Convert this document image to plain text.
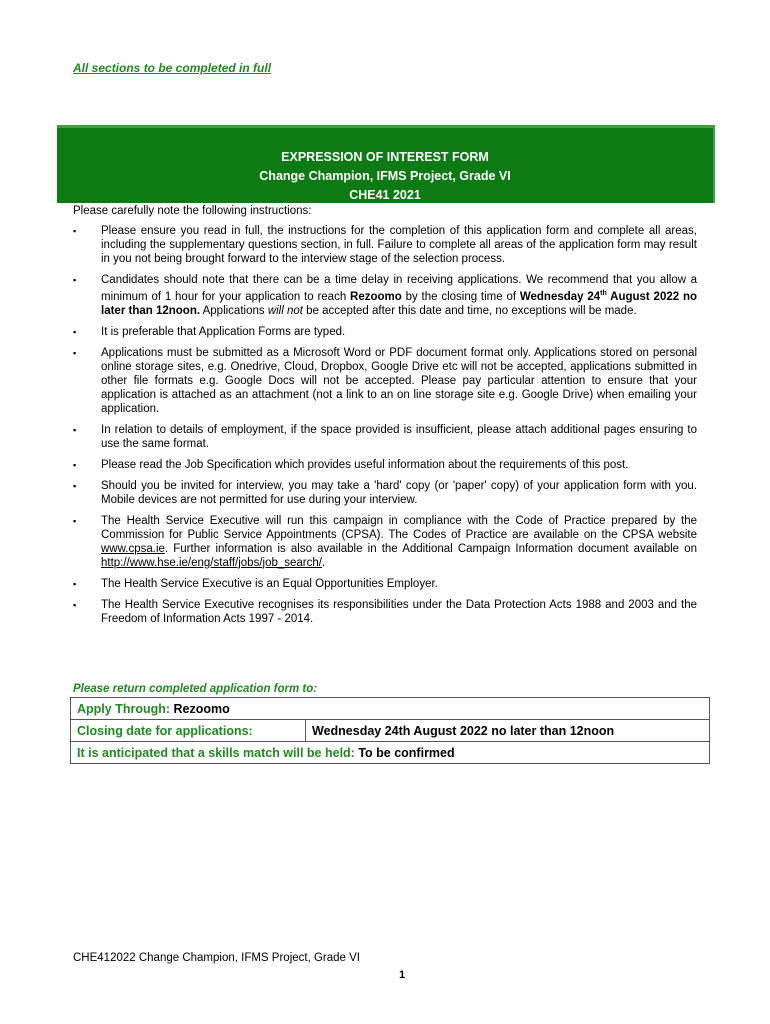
All sections to be completed in full
EXPRESSION OF INTEREST FORM
Change Champion, IFMS Project, Grade VI
CHE41 2021
Please carefully note the following instructions:
▪ Please ensure you read in full, the instructions for the completion of this application form and complete all areas, including the supplementary questions section, in full. Failure to complete all areas of the application form may result in you not being brought forward to the interview stage of the selection process.
▪ Candidates should note that there can be a time delay in receiving applications. We recommend that you allow a minimum of 1 hour for your application to reach Rezoomo by the closing time of Wednesday 24th August 2022 no later than 12noon. Applications will not be accepted after this date and time, no exceptions will be made.
▪ It is preferable that Application Forms are typed.
▪ Applications must be submitted as a Microsoft Word or PDF document format only. Applications stored on personal online storage sites, e.g. Onedrive, Cloud, Dropbox, Google Drive etc will not be accepted, applications submitted in other file formats e.g. Google Docs will not be accepted. Please pay particular attention to ensure that your application is attached as an attachment (not a link to an on line storage site e.g. Google Drive) when emailing your application.
▪ In relation to details of employment, if the space provided is insufficient, please attach additional pages ensuring to use the same format.
▪ Please read the Job Specification which provides useful information about the requirements of this post.
▪ Should you be invited for interview, you may take a 'hard' copy (or 'paper' copy) of your application form with you. Mobile devices are not permitted for use during your interview.
▪ The Health Service Executive will run this campaign in compliance with the Code of Practice prepared by the Commission for Public Service Appointments (CPSA). The Codes of Practice are available on the CPSA website www.cpsa.ie. Further information is also available in the Additional Campaign Information document available on http://www.hse.ie/eng/staff/jobs/job_search/.
▪ The Health Service Executive is an Equal Opportunities Employer.
▪ The Health Service Executive recognises its responsibilities under the Data Protection Acts 1988 and 2003 and the Freedom of Information Acts 1997 - 2014.
Please return completed application form to:
Apply Through: Rezoomo
Closing date for applications:	Wednesday 24th August 2022 no later than 12noon
It is anticipated that a skills match will be held: To be confirmed
CHE412022 Change Champion, IFMS Project, Grade VI
1
